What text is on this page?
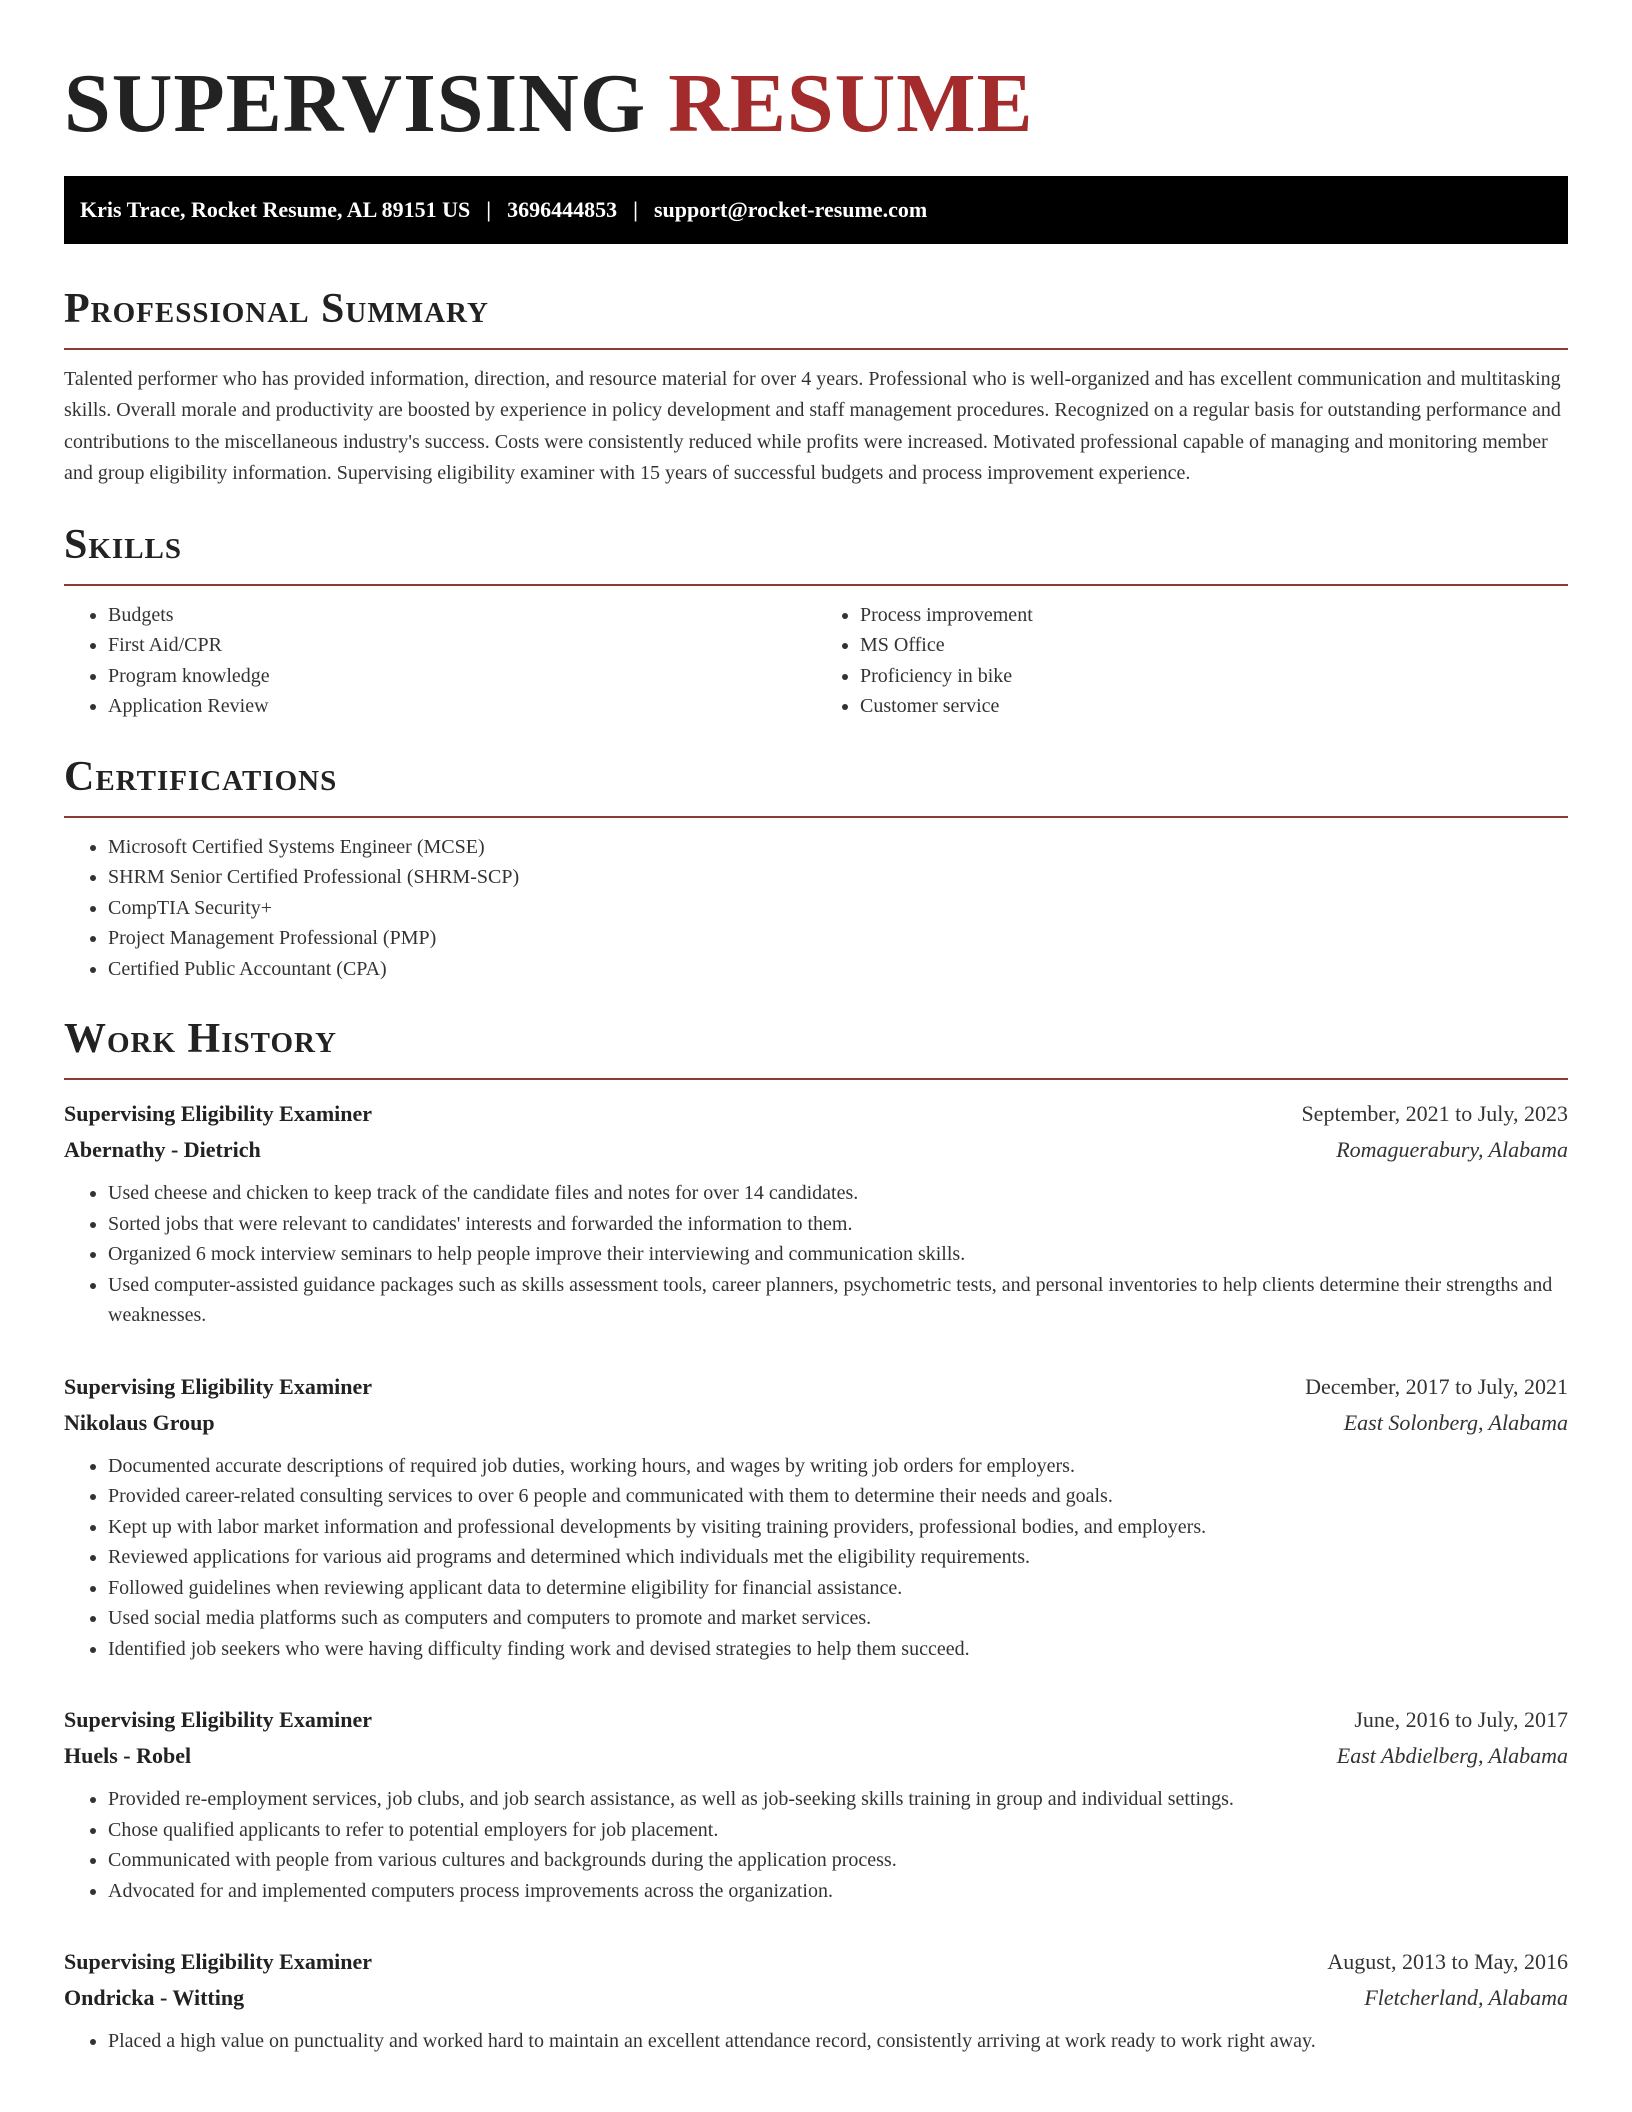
SUPERVISING RESUME
Kris Trace, Rocket Resume, AL 89151 US | 3696444853 | support@rocket-resume.com
Professional Summary

Talented performer who has provided information, direction, and resource material for over 4 years. Professional who is well-organized and has excellent communication and multitasking skills. Overall morale and productivity are boosted by experience in policy development and staff management procedures. Recognized on a regular basis for outstanding performance and contributions to the miscellaneous industry's success. Costs were consistently reduced while profits were increased. Motivated professional capable of managing and monitoring member and group eligibility information. Supervising eligibility examiner with 15 years of successful budgets and process improvement experience.

Skills
• Budgets
• First Aid/CPR
• Program knowledge
• Application Review
• Process improvement
• MS Office
• Proficiency in bike
• Customer service
Certifications
• Microsoft Certified Systems Engineer (MCSE)
• SHRM Senior Certified Professional (SHRM-SCP)
• CompTIA Security+
• Project Management Professional (PMP)
• Certified Public Accountant (CPA)
Work History
Supervising Eligibility Examiner	September, 2021 to July, 2023
Abernathy - Dietrich	Romaguerabury, Alabama
• Used cheese and chicken to keep track of the candidate files and notes for over 14 candidates.
• Sorted jobs that were relevant to candidates' interests and forwarded the information to them.
• Organized 6 mock interview seminars to help people improve their interviewing and communication skills.
• Used computer-assisted guidance packages such as skills assessment tools, career planners, psychometric tests, and personal inventories to help clients determine their strengths and weaknesses.
Supervising Eligibility Examiner	December, 2017 to July, 2021
Nikolaus Group	East Solonberg, Alabama
• Documented accurate descriptions of required job duties, working hours, and wages by writing job orders for employers.
• Provided career-related consulting services to over 6 people and communicated with them to determine their needs and goals.
• Kept up with labor market information and professional developments by visiting training providers, professional bodies, and employers.
• Reviewed applications for various aid programs and determined which individuals met the eligibility requirements.
• Followed guidelines when reviewing applicant data to determine eligibility for financial assistance.
• Used social media platforms such as computers and computers to promote and market services.
• Identified job seekers who were having difficulty finding work and devised strategies to help them succeed.
Supervising Eligibility Examiner	June, 2016 to July, 2017
Huels - Robel	East Abdielberg, Alabama
• Provided re-employment services, job clubs, and job search assistance, as well as job-seeking skills training in group and individual settings.
• Chose qualified applicants to refer to potential employers for job placement.
• Communicated with people from various cultures and backgrounds during the application process.
• Advocated for and implemented computers process improvements across the organization.
Supervising Eligibility Examiner	August, 2013 to May, 2016
Ondricka - Witting	Fletcherland, Alabama
• Placed a high value on punctuality and worked hard to maintain an excellent attendance record, consistently arriving at work ready to work right away.
